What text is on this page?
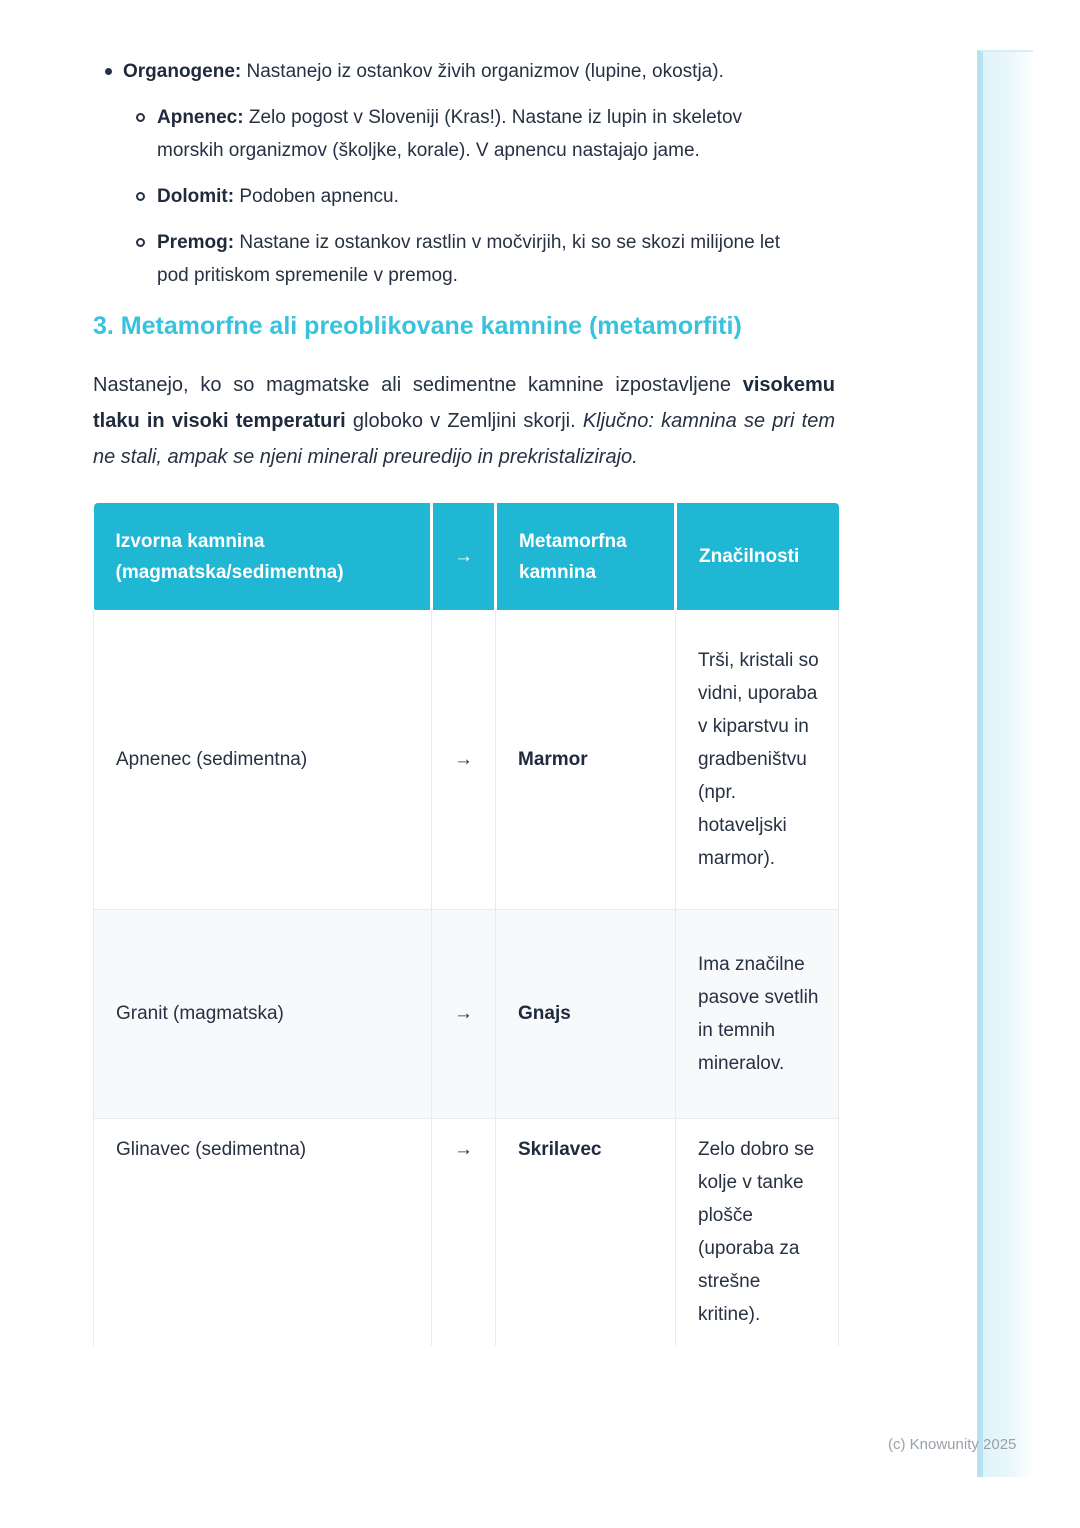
Organogene: Nastanejo iz ostankov živih organizmov (lupine, okostja).
Apnenec: Zelo pogost v Sloveniji (Kras!). Nastane iz lupin in skeletov morskih organizmov (školjke, korale). V apnencu nastajajo jame.
Dolomit: Podoben apnencu.
Premog: Nastane iz ostankov rastlin v močvirjih, ki so se skozi milijone let pod pritiskom spremenile v premog.
3. Metamorfne ali preoblikovane kamnine (metamorfiti)

Nastanejo, ko so magmatske ali sedimentne kamnine izpostavljene visokemu tlaku in visoki temperaturi globoko v Zemljini skorji. Ključno: kamnina se pri tem ne stali, ampak se njeni minerali preuredijo in prekristalizirajo.

Izvorna kamnina (magmatska/sedimentna)	→	Metamorfna kamnina	Značilnosti
Apnenec (sedimentna)	→	Marmor	Trši, kristali so vidni, uporaba v kiparstvu in gradbeništvu (npr. hotaveljski marmor).
Granit (magmatska)	→	Gnajs	Ima značilne pasove svetlih in temnih mineralov.
Glinavec (sedimentna)	→	Skrilavec	Zelo dobro se kolje v tanke plošče (uporaba za strešne kritine).
(c) Knowunity 2025
